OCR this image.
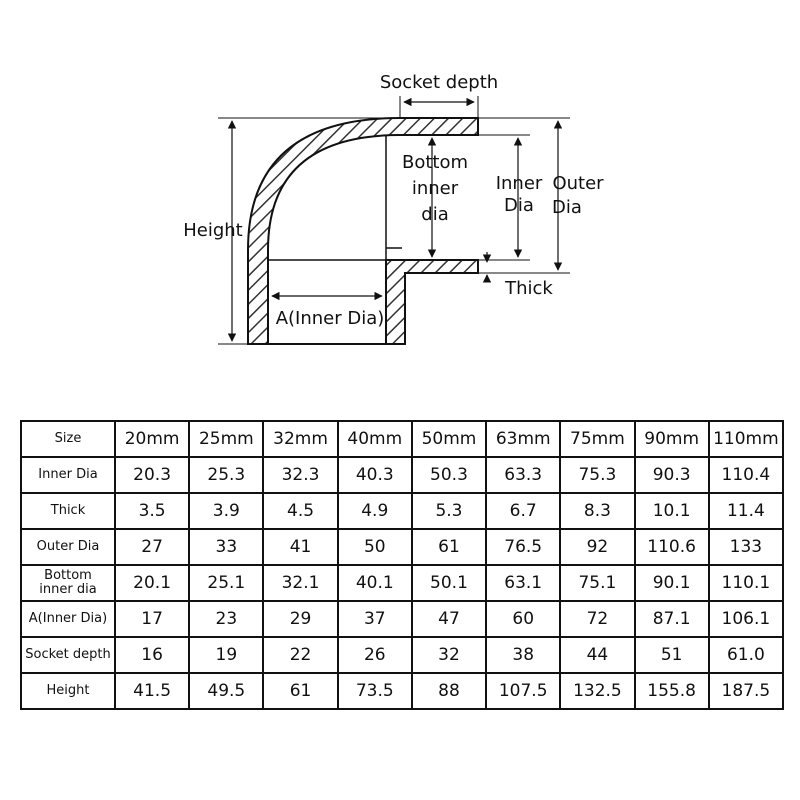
Socket depth
Bottom
inner
dia
Inner
Dia
Outer
Dia
Height
Thick
A(Inner Dia)
Size	20mm	25mm	32mm	40mm	50mm	63mm	75mm	90mm	110mm
Inner Dia	20.3	25.3	32.3	40.3	50.3	63.3	75.3	90.3	110.4
Thick	3.5	3.9	4.5	4.9	5.3	6.7	8.3	10.1	11.4
Outer Dia	27	33	41	50	61	76.5	92	110.6	133
Bottom
inner dia	20.1	25.1	32.1	40.1	50.1	63.1	75.1	90.1	110.1
A(Inner Dia)	17	23	29	37	47	60	72	87.1	106.1
Socket depth	16	19	22	26	32	38	44	51	61.0
Height	41.5	49.5	61	73.5	88	107.5	132.5	155.8	187.5
